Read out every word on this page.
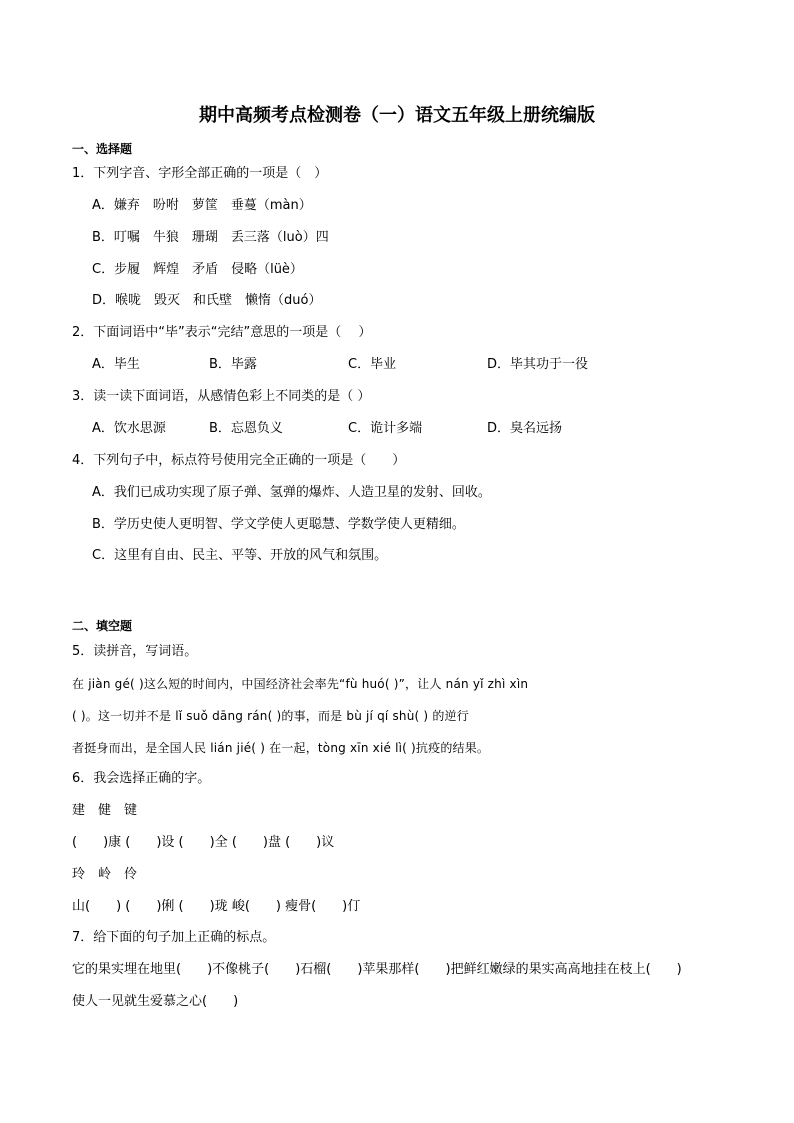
期中高频考点检测卷（一）语文五年级上册统编版
一、选择题
1．下列字音、字形全部正确的一项是（　）
A．嫌弃　吩咐　萝筐　垂蔓（màn）
B．叮嘱　牛狼　珊瑚　丢三落（luò）四
C．步履　辉煌　矛盾　侵略（lüè）
D．喉咙　毁灭　和氏壁　懒惰（duó）
2．下面词语中“毕”表示“完结”意思的一项是（　 ）
A．毕生	B．毕露	C．毕业	D．毕其功于一役
3．读一读下面词语，从感情色彩上不同类的是（ ）
A．饮水思源	B．忘恩负义	C．诡计多端	D．臭名远扬
4．下列句子中，标点符号使用完全正确的一项是（　　）
A．我们已成功实现了原子弹、氢弹的爆炸、人造卫星的发射、回收。
B．学历史使人更明智、学文学使人更聪慧、学数学使人更精细。
C．这里有自由、民主、平等、开放的风气和氛围。
二、填空题
5．读拼音，写词语。
在 jiàn gé( )这么短的时间内，中国经济社会率先“fù huó( )”，让人 nán yǐ zhì xìn
( )。这一切并不是 lǐ suǒ dāng rán( )的事，而是 bù jí qí shù( ) 的逆行
者挺身而出，是全国人民 lián jié( ) 在一起，tòng xīn xié lì( )抗疫的结果。
6．我会选择正确的字。
建　健　键
(　　)康 (　　)设 (　　)全 (　　)盘 (　　)议
玲　岭　伶
山(　　) (　　)俐 (　　)珑 峻(　　) 瘦骨(　　)仃
7．给下面的句子加上正确的标点。
它的果实埋在地里(　　)不像桃子(　　)石榴(　　)苹果那样(　　)把鲜红嫩绿的果实高高地挂在枝上(　　)
使人一见就生爱慕之心(　　)
